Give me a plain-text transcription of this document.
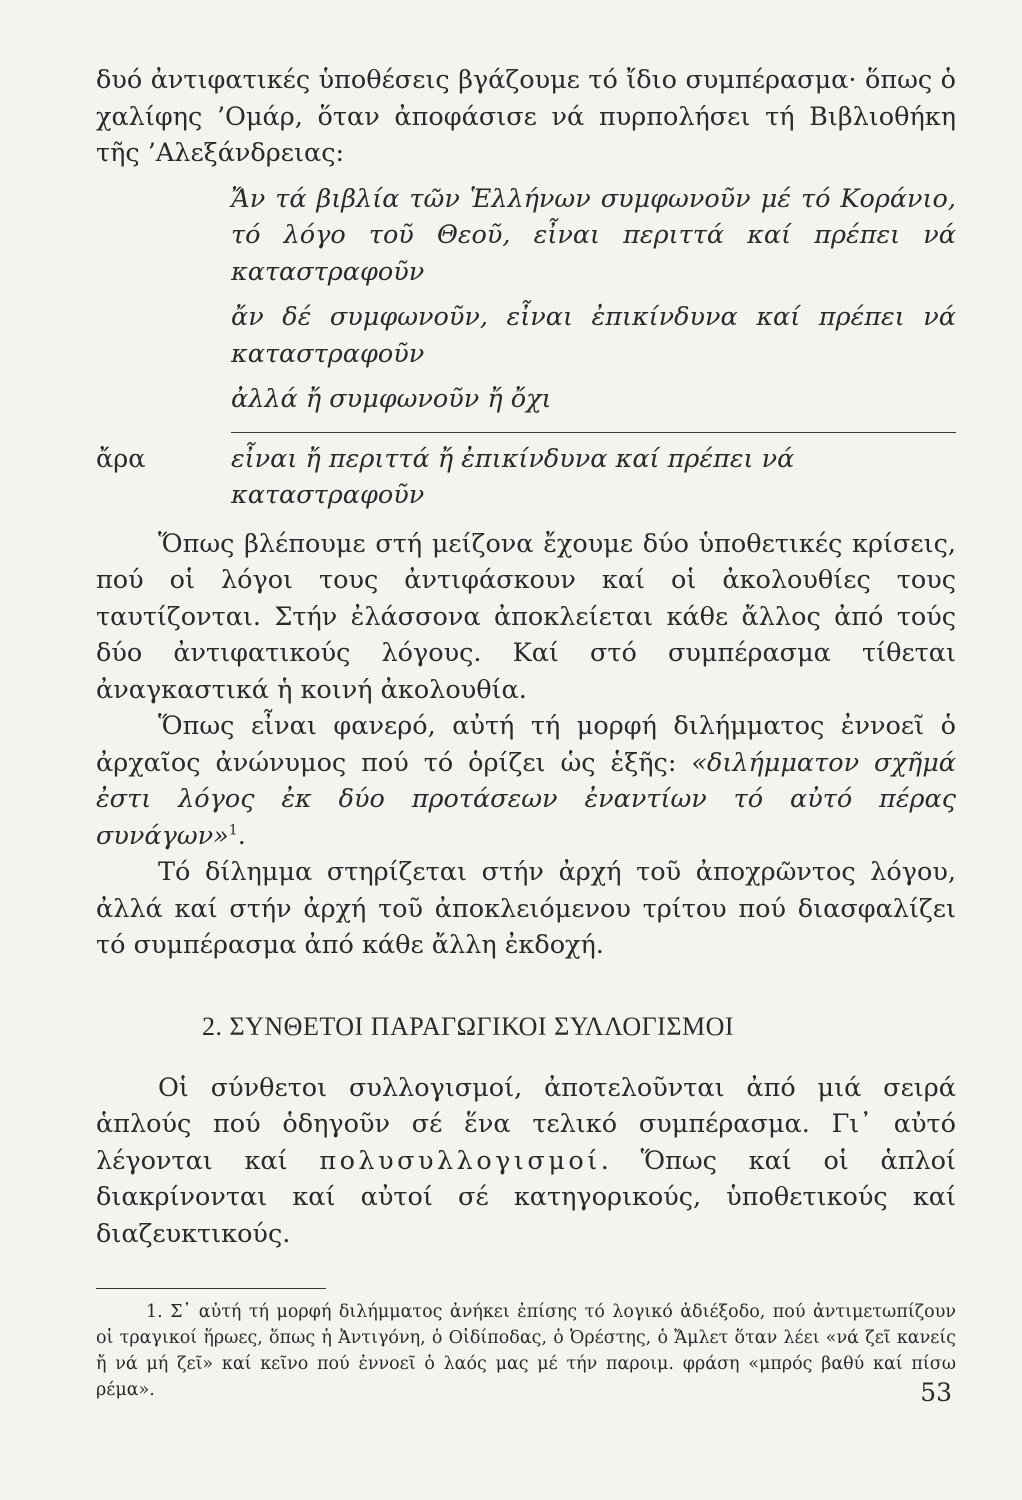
δυό ἀντιφατικές ὑποθέσεις βγάζουμε τό ἴδιο συμπέρασμα· ὅπως ὁ χαλίφης ’Ομάρ, ὅταν ἀποφάσισε νά πυρπολήσει τή Βιβλιοθήκη τῆς ’Αλεξάνδρειας:

Ἄν τά βιβλία τῶν Ἑλλήνων συμφωνοῦν μέ τό Κοράνιο, τό λόγο τοῦ Θεοῦ, εἶναι περιττά καί πρέπει νά καταστραφοῦν
ἄν δέ συμφωνοῦν, εἶναι ἐπικίνδυνα καί πρέπει νά καταστραφοῦν
ἀλλά ἤ συμφωνοῦν ἤ ὄχι
ἄρα	εἶναι ἤ περιττά ἤ ἐπικίνδυνα καί πρέπει νά καταστραφοῦν

Ὅπως βλέπουμε στή μείζονα ἔχουμε δύο ὑποθετικές κρίσεις, πού οἱ λόγοι τους ἀντιφάσκουν καί οἱ ἀκολουθίες τους ταυτίζονται. Στήν ἐλάσσονα ἀποκλείεται κάθε ἄλλος ἀπό τούς δύο ἀντιφατικούς λόγους. Καί στό συμπέρασμα τίθεται ἀναγκαστικά ἡ κοινή ἀκολουθία.

Ὅπως εἶναι φανερό, αὐτή τή μορφή διλήμματος ἐννοεῖ ὁ ἀρχαῖος ἀνώνυμος πού τό ὁρίζει ὡς ἑξῆς: «διλήμματον σχῆμά ἐστι λόγος ἐκ δύο προτάσεων ἐναντίων τό αὐτό πέρας συνάγων»$^1$.

Τό δίλημμα στηρίζεται στήν ἀρχή τοῦ ἀποχρῶντος λόγου, ἀλλά καί στήν ἀρχή τοῦ ἀποκλειόμενου τρίτου πού διασφαλίζει τό συμπέρασμα ἀπό κάθε ἄλλη ἐκδοχή.

2. ΣΥΝΘΕΤΟΙ ΠΑΡΑΓΩΓΙΚΟΙ ΣΥΛΛΟΓΙΣΜΟΙ

Οἱ σύνθετοι συλλογισμοί, ἀποτελοῦνται ἀπό μιά σειρά ἁπλούς πού ὁδηγοῦν σέ ἕνα τελικό συμπέρασμα. Γι᾽ αὐτό λέγονται καί πολυσυλλογισμοί. Ὅπως καί οἱ ἁπλοί διακρίνονται καί αὐτοί σέ κατηγορικούς, ὑποθετικούς καί διαζευκτικούς.

1. Σ᾽ αὐτή τή μορφή διλήμματος ἀνήκει ἐπίσης τό λογικό ἀδιέξοδο, πού ἀντιμετωπίζουν οἱ τραγικοί ἥρωες, ὅπως ἡ Ἀντιγόνη, ὁ Οἰδίποδας, ὁ Ὀρέστης, ὁ Ἄμλετ ὅταν λέει «νά ζεῖ κανείς ἤ νά μή ζεῖ» καί κεῖνο πού ἐννοεῖ ὁ λαός μας μέ τήν παροιμ. φράση «μπρός βαθύ καί πίσω ρέμα».	53
